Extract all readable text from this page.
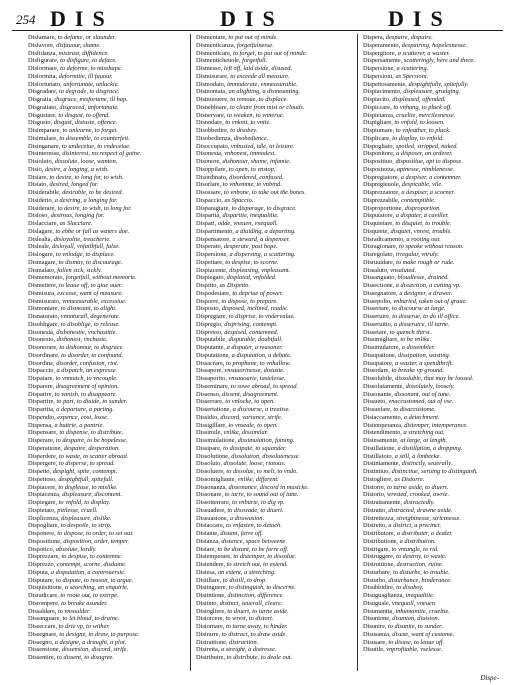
254 DIS	DIS	DIS
Disfamare, to defame, or slaunder.
Disfavore, disfauour, shame.
Disfidanza, mistrust, diffidence.
Disfigurare, to disfigure, to deface.
Disformare, to deforme, to misshape.
Disformita, deformitie, ill fauour.
Disfortunato, unfortunate, unluckie.
Disgradare, to degrade, to disgrace.
Disgratia, disgrace, misfortune, ill hap.
Disgratiato, disgraced, unfortunate.
Disgustare, to disgust, to offend.
Disgusto, disgust, distaste, offence.
Disimparare, to unlearne, to forget.
Disimulare, to dissemble, to counterfeit.
Disinganare, to undeceiue, to vndeceiue.
Disinteresse, disinterest, no respect of gaine.
Disioluto, dissolute, loose, wanton.
Disio, desire, a longing, a wish.
Disiare, to desire, to long for, to wish.
Disiato, desired, longed for.
Disiderabile, desirable, to be desired.
Disiderio, a desiring, a longing for.
Disiderare, to desire, to wish, to long for.
Disioso, desirous, longing for.
Dislacciare, as Slacciare.
Dislagare, to ebbe or fall as waters doe.
Dislealta, disloyaltie, treacherie.
Disleale, disloyall, vnfaithfull, false.
Dislogare, to vnlodge, to displace.
Dismagare, to dismay, to discourage.
Dismalato, fallen sick, sickly.
Dismemorato, forgetfull, without memorie.
Dismettere, to leaue off, to giue ouer.
Dismisura, excesse, want of measure.
Dismisurato, vnmeasurable, excessiue.
Dismontare, to dismount, to alight.
Disnaturato, vnnaturall, degenerate.
Disobligare, to disoblige, to release.
Disonestà, dishonestie, vnchastitie.
Disonesto, dishonest, vnchaste.
Disonorare, to dishonour, to disgrace.
Disordinare, to disorder, to confound.
Disordine, disorder, confusion, riot.
Dispaccio, a dispatch, an expresse.
Dispaiare, to vnmatch, to vncouple.
Disparere, disagreement of opinion.
Disparire, to vanish, to disappeare.
Dispartire, to part, to diuide, to sunder.
Dispartita, a departure, a parting.
Dispendio, expence, cost, losse.
Dispensa, a buttrie, a pantrie.
Dispensare, to dispense, to distribute.
Disperare, to despaire, to be hopelesse.
Disperatione, despaire, desperation.
Disperdere, to waste, to scatter abroad.
Dispergere, to disperse, to spread.
Dispetto, despight, spite, contempt.
Dispettoso, despightfull, spitefull.
Dispiacere, to displease, to mislike.
Dispiacenza, displeasure, discontent.
Dispiegare, to vnfold, to display.
Dispietato, pitilesse, cruell.
Displicenza, displeasure, dislike.
Dispogliare, to despoile, to strip.
Disponere, to dispose, to order, to set out.
Dispositione, disposition, order, temper.
Dispotico, absolute, lordly.
Disprezzare, to despise, to contemne.
Disprezzo, contempt, scorne, disdaine.
Disputa, a disputation, a controuersie.
Disputare, to dispute, to reason, to argue.
Disquisitione, a searching, an enquirie.
Disradicare, to roote out, to extirpe.
Disrompere, to breake asunder.
Dissaldare, to vnsoulder.
Dissanguare, to let bloud, to draine.
Disseccare, to drie vp, to wither.
Dissegnare, to designe, to draw, to purpose.
Dissegno, a designe, a draught, a plot.
Dissensione, dissension, discord, strife.
Dissentire, to dissent, to disagree.
Dismentare, to put out of minde.
Dismenticanza, forgetfulnesse.
Dismenticare, to forget, to put out of minde.
Dismenticheuole, forgetfull.
Dismesso, left off, laid aside, disused.
Dismisurare, to exceede all measure.
Dismodato, immoderate, vnmeasurable.
Dismontata, an alighting, a dismounting.
Dismuouere, to remoue, to displace.
Disnebbiare, to cleare from mist or clouds.
Disnervare, to weaken, to vnnerue.
Disnodare, to vnknit, to vntie.
Disobbedire, to disobey.
Disobedienza, disobedience.
Disoccupato, vnbusied, idle, at leisure.
Disonesta, vnhonest, immodest.
Disonore, dishonour, shame, infamie.
Disoppilare, to open, to vnstop.
Disordinato, disordered, confused.
Disorlare, to vnhemme, to vnbind.
Disossare, to vnbone, to take out the bones.
Dispaccio, as Spaccio.
Disparagiare, to disparage, to disgrace.
Disparità, disparitie, inequalitie.
Dispari, odde, vneuen, vnequall.
Dispartimento, a diuiding, a departing.
Dispensatore, a steward, a dispenser.
Disperato, desperate, past hope.
Dispersione, a dispersing, a scattering.
Dispettare, to despise, to scorne.
Dispiacente, displeasing, vnpleasant.
Dispiegato, displaied, vnfolded.
Dispitto, as Dispetto.
Dispodestare, to depriue of power.
Disporre, to dispose, to prepare.
Disposto, disposed, inclined, readie.
Dispregiare, to disprise, to vndervalue.
Dispregio, disprising, contempt.
Dispresso, despised, contemned.
Disputabile, disputable, doubtfull.
Disputante, a disputer, a reasoner.
Disputatione, a disputation, a debate.
Dissacrare, to prophane, to vnhallow.
Dissapore, vnsauorinesse, distaste.
Dissaporito, vnsauourie, tastelesse.
Disseminare, to sowe abroad, to spread.
Dissenso, dissent, disagreement.
Disserrare, to vnlocke, to open.
Dissertatione, a discourse, a treatise.
Dissidio, discord, variance, strife.
Dissigillare, to vnseale, to open.
Dissimile, vnlike, dissimilar.
Dissimulatione, dissimulation, faining.
Dissipare, to dissipate, to squander.
Dissolutione, dissolution, dissolutenesse.
Dissoluto, dissolute, loose, riotous.
Dissoluere, to dissolue, to melt, to vndo.
Dissomigliante, vnlike, different.
Dissonanza, dissonance, discord in musicke.
Dissonare, to iarre, to sound out of tune.
Dissotterrare, to vnburie, to dig vp.
Dissuadere, to disswade, to diuert.
Dissuasione, a disswasion.
Distaccare, to vnfasten, to detach.
Distante, distant, farre off.
Distanza, distance, space betweene.
Distare, to be distant, to be farre off.
Distemperare, to distemper, to dissolue.
Distendere, to stretch out, to extend.
Distesa, an extent, a stretching.
Distillare, to distill, to drop.
Distinguere, to distinguish, to discerne.
Distintione, distinction, difference.
Distinto, distinct, seuerall, cleare.
Distogliere, to diuert, to turne aside.
Distorcere, to wrest, to distort.
Distornare, to turne away, to hinder.
Distrarre, to distract, to draw aside.
Distrattione, distraction.
Distretta, a streight, a distresse.
Distribuire, to distribute, to deale out.
Dispera, despaire, dispaire.
Disperamento, despairing, hopelesnesse.
Dispergitore, a scatterer, a waster.
Dispersamente, scatteringly, here and there.
Dispersione, a scattering.
Dispersioni, as Spersioni.
Dispettosamente, despightfully, spitefully.
Dispiacimento, displeasure, grudging.
Dispiacito, displeased, offended.
Dispiccare, to vnhang, to pluck off.
Dispietanza, crueltie, mercilesnesse.
Dispigliare, to vnfold, to loosen.
Dispiumare, to vnfeather, to pluck.
Displicare, to display, to vnfold.
Dispogliato, spoiled, stripped, naked.
Disponitore, a disposer, an orderer.
Dispositiuo, dispositiue, apt to dispose.
Dispostezza, aptnesse, nimblenesse.
Dispregiatore, a despiser, a contemner.
Dispregieuole, despicable, vile.
Disprezzatore, a despiser, a scorner.
Disprezzabile, contemptible.
Disproportione, disproportion.
Disputatore, a disputer, a caviller.
Disquietare, to disquiet, to trouble.
Disquiete, disquiet, vnrest, trouble.
Disradicamento, a rooting out.
Disragionare, to speake without reason.
Disregolato, irregular, vnruly.
Disruuidare, to make rough or rude.
Dissaluto, vnsaluted.
Dissanguato, bloudlesse, drained.
Dissectione, a dissection, a cutting vp.
Dissegnatore, a designer, a drawer.
Dissepolto, vnburied, taken out of graue.
Dissertare, to discourse at large.
Disseruire, to disserue, to do ill office.
Disseruitio, a disseruice, ill turne.
Dissetare, to quench thirst.
Dissimigliare, to be vnlike.
Dissimulatore, a dissembler.
Dissipatione, dissipation, wasting.
Dissipatore, a waster, a spendthrift.
Dissodare, to breake vp ground.
Dissolubile, dissoluble, that may be loosed.
Dissolutamente, dissolutely, loosely.
Dissonante, dissonant, out of tune.
Dissueto, vnaccustomed, out of vse.
Dissuefare, to disaccustome.
Distaccamento, a detachment.
Distemperanza, distemper, intemperance.
Distendimento, a stretching out.
Distesamente, at large, at length.
Distillatione, a distillation, a dropping.
Distillatoio, a still, a limbecke.
Distintamente, distinctly, seuerally.
Distintiuo, distinctiue, seruing to distinguish.
Distogliere, as Distorre.
Distorre, to turne aside, to diuert.
Distorto, wrested, crooked, awrie.
Distrattamente, distractedly.
Distratto, distracted, drawne aside.
Distrettezza, streightnesse, strictnesse.
Distretto, a district, a precinct.
Distributore, a distributer, a dealer.
Distributione, a distribution.
Distrigare, to vntangle, to rid.
Distruggere, to destroy, to waste.
Distruttione, destruction, ruine.
Disturbare, to disturbe, to trouble.
Disturbo, disturbance, hinderance.
Disubbidire, to disobey.
Disuguaglianza, inequalitie.
Disuguale, vnequall, vneuen.
Disumanita, inhumanitie, crueltie.
Disunione, disunion, diuision.
Disunire, to disunite, to sunder.
Disusanza, disuse, want of custome.
Disusare, to disuse, to leaue off.
Disutile, vnprofitable, vselesse.
Dispe-
